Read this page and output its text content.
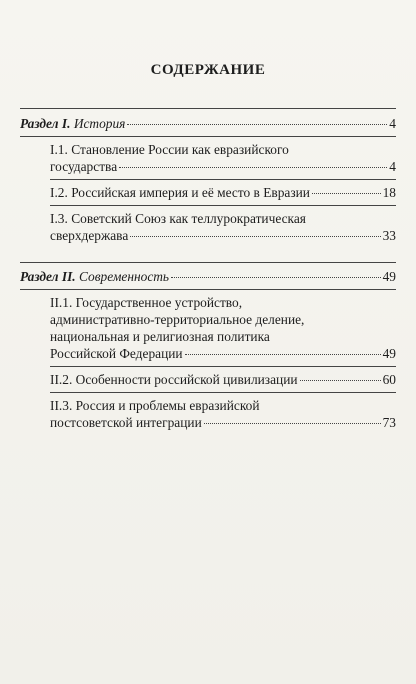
СОДЕРЖАНИЕ
Раздел I. История	4
I.1. Становление России как евразийского
государства	4
I.2. Российская империя и её место в Евразии	18
I.3. Советский Союз как теллурократическая
сверхдержава	33
Раздел II. Современность	49
II.1. Государственное устройство,
административно-территориальное деление,
национальная и религиозная политика
Российской Федерации	49
II.2. Особенности российской цивилизации	60
II.3. Россия и проблемы евразийской
постсоветской интеграции	73
